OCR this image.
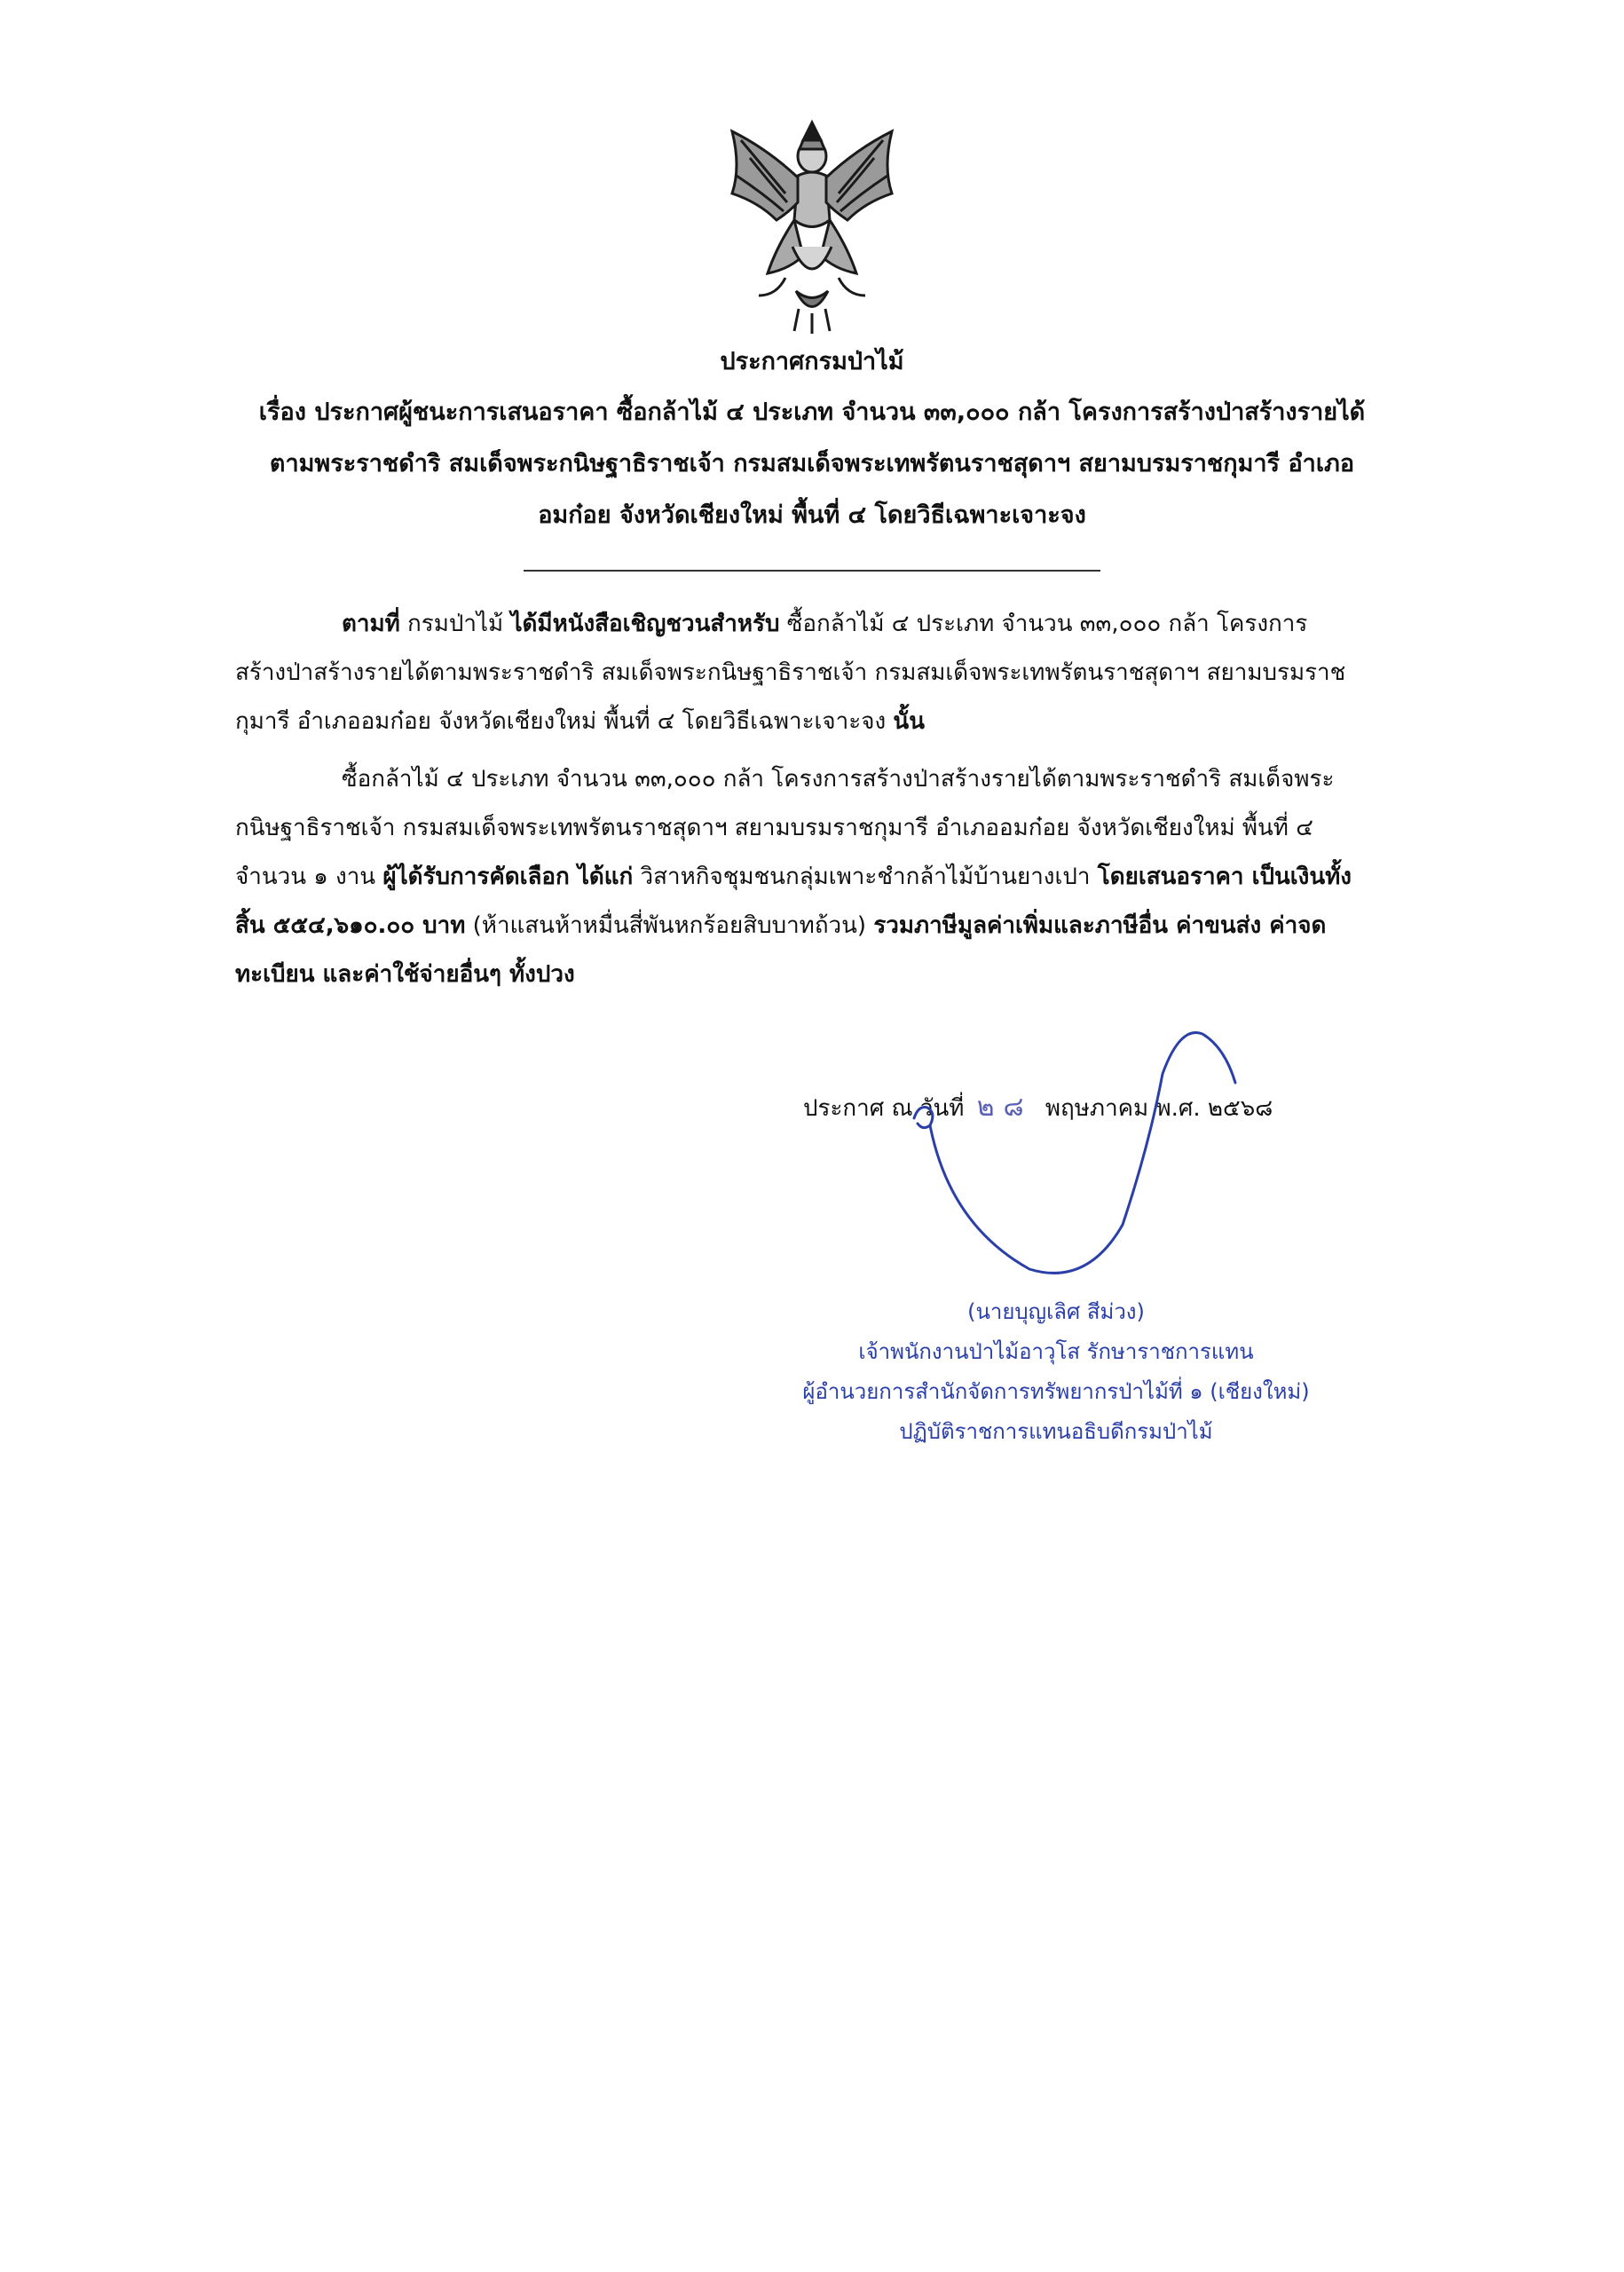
ประกาศกรมป่าไม้
เรื่อง ประกาศผู้ชนะการเสนอราคา ซื้อกล้าไม้ ๔ ประเภท จำนวน ๓๓,๐๐๐ กล้า โครงการสร้างป่าสร้างรายได้
ตามพระราชดำริ สมเด็จพระกนิษฐาธิราชเจ้า กรมสมเด็จพระเทพรัตนราชสุดาฯ สยามบรมราชกุมารี อำเภอ
อมก๋อย จังหวัดเชียงใหม่ พื้นที่ ๔ โดยวิธีเฉพาะเจาะจง
ตามที่ กรมป่าไม้ ได้มีหนังสือเชิญชวนสำหรับ ซื้อกล้าไม้ ๔ ประเภท จำนวน ๓๓,๐๐๐ กล้า โครงการ
สร้างป่าสร้างรายได้ตามพระราชดำริ สมเด็จพระกนิษฐาธิราชเจ้า กรมสมเด็จพระเทพรัตนราชสุดาฯ สยามบรมราช
กุมารี อำเภออมก๋อย จังหวัดเชียงใหม่ พื้นที่ ๔ โดยวิธีเฉพาะเจาะจง นั้น
ซื้อกล้าไม้ ๔ ประเภท จำนวน ๓๓,๐๐๐ กล้า โครงการสร้างป่าสร้างรายได้ตามพระราชดำริ สมเด็จพระ
กนิษฐาธิราชเจ้า กรมสมเด็จพระเทพรัตนราชสุดาฯ สยามบรมราชกุมารี อำเภออมก๋อย จังหวัดเชียงใหม่ พื้นที่ ๔
จำนวน ๑ งาน ผู้ได้รับการคัดเลือก ได้แก่ วิสาหกิจชุมชนกลุ่มเพาะชำกล้าไม้บ้านยางเปา โดยเสนอราคา เป็นเงินทั้ง
สิ้น ๕๕๔,๖๑๐.๐๐ บาท (ห้าแสนห้าหมื่นสี่พันหกร้อยสิบบาทถ้วน) รวมภาษีมูลค่าเพิ่มและภาษีอื่น ค่าขนส่ง ค่าจด
ทะเบียน และค่าใช้จ่ายอื่นๆ ทั้งปวง
ประกาศ ณ วันที่ ๒๘ พฤษภาคม พ.ศ. ๒๕๖๘
(นายบุญเลิศ สีม่วง)
เจ้าพนักงานป่าไม้อาวุโส รักษาราชการแทน
ผู้อำนวยการสำนักจัดการทรัพยากรป่าไม้ที่ ๑ (เชียงใหม่)
ปฏิบัติราชการแทนอธิบดีกรมป่าไม้
